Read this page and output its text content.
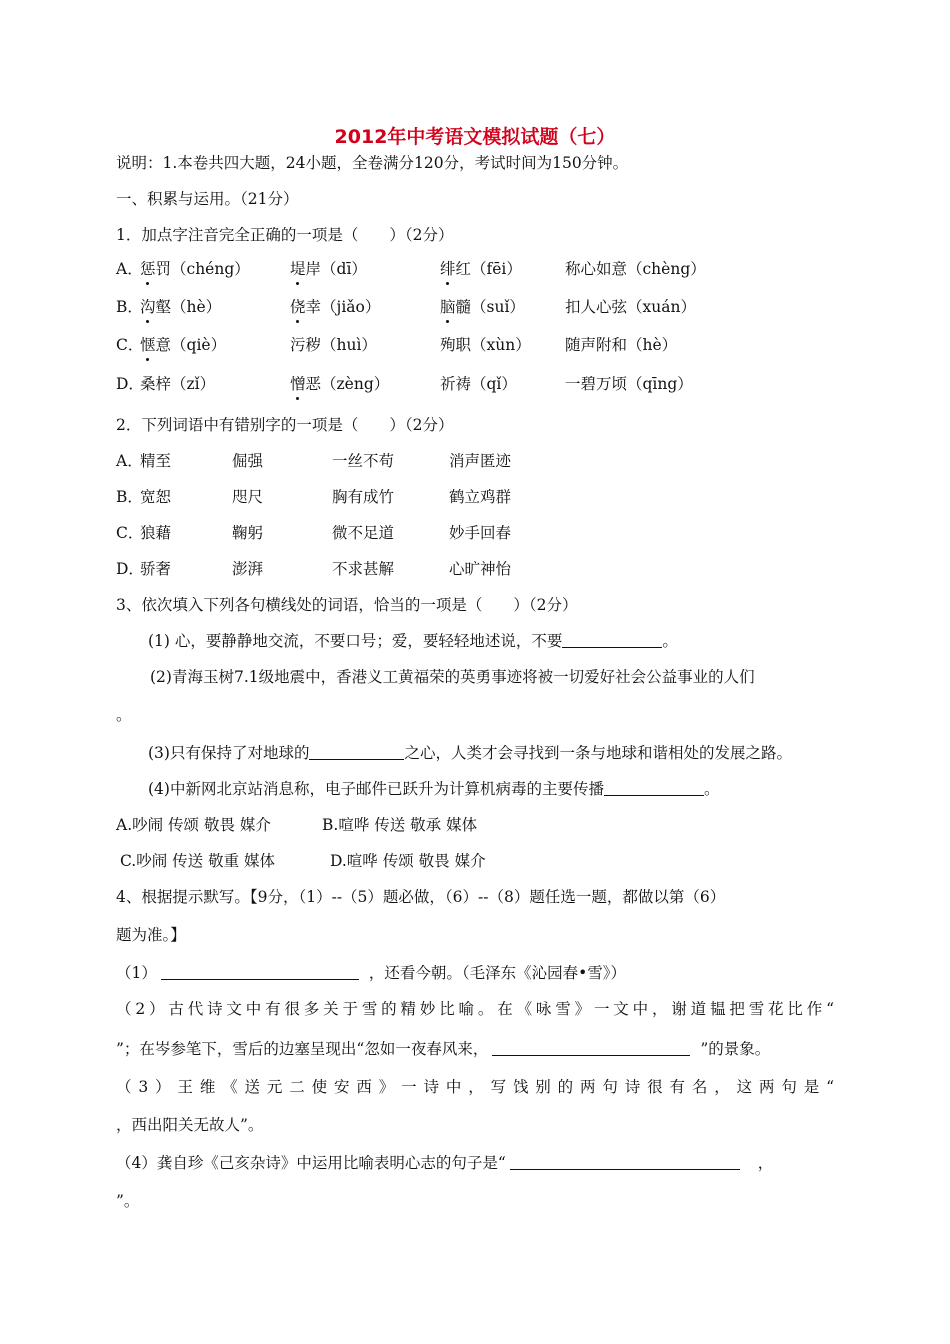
2012年中考语文模拟试题（七）
说明：1.本卷共四大题，24小题，全卷满分120分，考试时间为150分钟。
一、积累与运用。（21分）
1．加点字注音完全正确的一项是（　　）（2分）
A．
惩罚（chéng）	堤岸（dī）	绯红（fēi）	称心如意（chèng）
B．
沟壑（hè）	侥幸（jiǎo）	脑髓（suǐ）	扣人心弦（xuán）
C．
惬意（qiè）	污秽（huì）	殉职（xùn） 随声附和（hè）
D．
桑梓（zǐ）	憎恶（zèng）	祈祷（qǐ）	一碧万顷（qīng）
2．下列词语中有错别字的一项是（　　）（2分）
A．
精至	倔强	一丝不苟	消声匿迹
B．
宽恕	咫尺	胸有成竹	鹤立鸡群
C．
狼藉	鞠躬	微不足道	妙手回春
D．
骄奢	澎湃	不求甚解	心旷神怡
3、依次填入下列各句横线处的词语，恰当的一项是（　　）（2分）
(1) 心，要静静地交流，不要口号；爱，要轻轻地述说，不要	。
(2)青海玉树7.1级地震中，香港义工黄福荣的英勇事迹将被一切爱好社会公益事业的人们
。
(3)只有保持了对地球的	之心，人类才会寻找到一条与地球和谐相处的发展之路。
(4)中新网北京站消息称，电子邮件已跃升为计算机病毒的主要传播	。
A.吵闹 传颂 敬畏 媒介	B.喧哗 传送 敬承 媒体
C.吵闹 传送 敬重 媒体	D.喧哗 传颂 敬畏 媒介
4、根据提示默写。【9分，（1）--（5）题必做，（6）--（8）题任选一题，都做以第（6）
题为准。】
（1）	，还看今朝。（毛泽东《沁园春•雪》）
（2）古代诗文中有很多关于雪的精妙比喻。在《咏雪》一文中，谢道韫把雪花比作“
”；在岑参笔下，雪后的边塞呈现出“忽如一夜春风来，	”的景象。
（3）王维《送元二使安西》一诗中，写饯别的两句诗很有名，这两句是“
，西出阳关无故人”。
（4）龚自珍《己亥杂诗》中运用比喻表明心志的句子是“	，
”。
